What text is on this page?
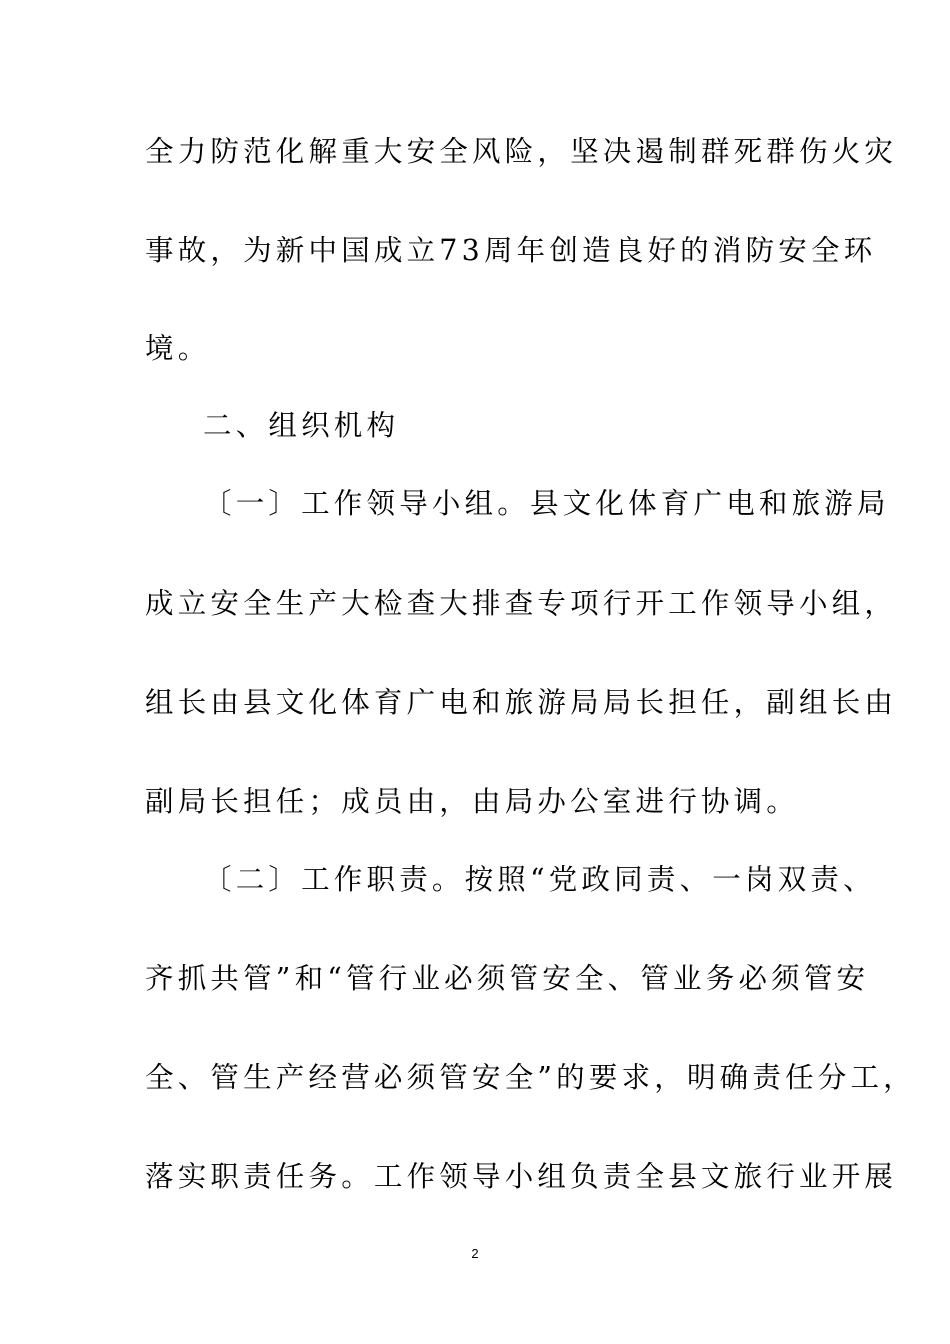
全力防范化解重大安全风险，坚决遏制群死群伤火灾
事故，为新中国成立73周年创造良好的消防安全环
境。
二、组织机构
〔一〕工作领导小组。县文化体育广电和旅游局
成立安全生产大检查大排查专项行开工作领导小组，
组长由县文化体育广电和旅游局局长担任，副组长由
副局长担任；成员由，由局办公室进行协调。
〔二〕工作职责。按照“党政同责、一岗双责、
齐抓共管”和“管行业必须管安全、管业务必须管安
全、管生产经营必须管安全”的要求，明确责任分工，
落实职责任务。工作领导小组负责全县文旅行业开展
2
